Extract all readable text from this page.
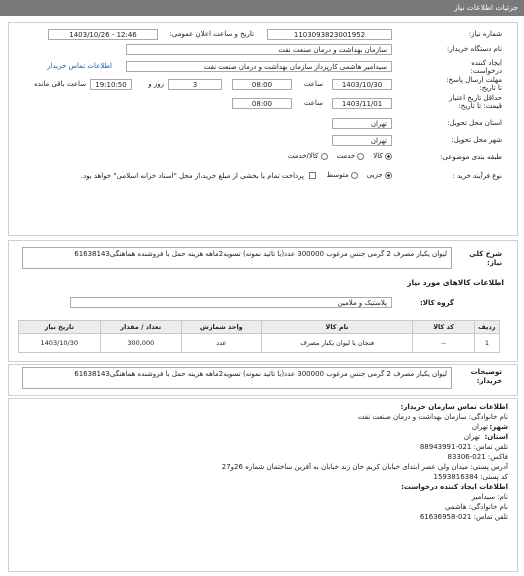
جزئیات اطلاعات نیاز
شماره نیاز:
1103093823001952
تاریخ و ساعت اعلان عمومی:
1403/10/26 - 12:46
نام دستگاه خریدار:
سازمان بهداشت و درمان صنعت نفت
ایجاد کننده درخواست:
سیدامیر هاشمی کارپرداز سازمان بهداشت و درمان صنعت نفت
اطلاعات تماس خریدار
مهلت ارسال پاسخ: تا تاریخ:
1403/10/30
ساعت
08:00
3
روز و
19:10:50
ساعت باقی مانده
حداقل تاریخ اعتبار قیمت: تا تاریخ:
1403/11/01
ساعت
08:00
استان محل تحویل:
تهران
شهر محل تحویل:
تهران
طبقه بندی موضوعی:
کالا     خدمت     کالا/خدمت
نوع فرآیند خرید :
جزیی     متوسط
پرداخت تمام یا بخشی از مبلغ خرید،از محل "اسناد خزانه اسلامی" خواهد بود.
شرح کلی نیاز:
لیوان یکبار مصرف 2 گرمی جنس مرغوب 300000 عدد(با تائید نمونه) تسویه2ماهه هزینه حمل با فروشنده هماهنگی61638143
اطلاعات کالاهای مورد نیاز
گروه کالا:
پلاستیک و ملامین
ردیف	کد کالا	نام کالا	واحد شمارش	تعداد / مقدار	تاریخ نیاز
1	--	فنجان یا لیوان یکبار مصرف	عدد	300,000	1403/10/30
توضیحات خریدار:
لیوان یکبار مصرف 2 گرمی جنس مرغوب 300000 عدد(با تائید نمونه) تسویه2ماهه هزینه حمل با فروشنده هماهنگی61638143
اطلاعات تماس سازمان خریدار:
نام خانوادگی: سازمان بهداشت و درمان صنعت نفت
شهر:
تهران
استان:
تهران
تلفن تماس: 021-88943991
فاکس: 021-83306
آدرس پستی: میدان ولی عصر ابتدای خیابان کریم خان زند خیابان به آفرین ساختمان شماره 26و27
کد پستی: 1593816384
اطلاعات ایجاد کننده درخواست:
نام: سیدامیر
نام خانوادگی: هاشمی
تلفن تماس: 021-61636958
